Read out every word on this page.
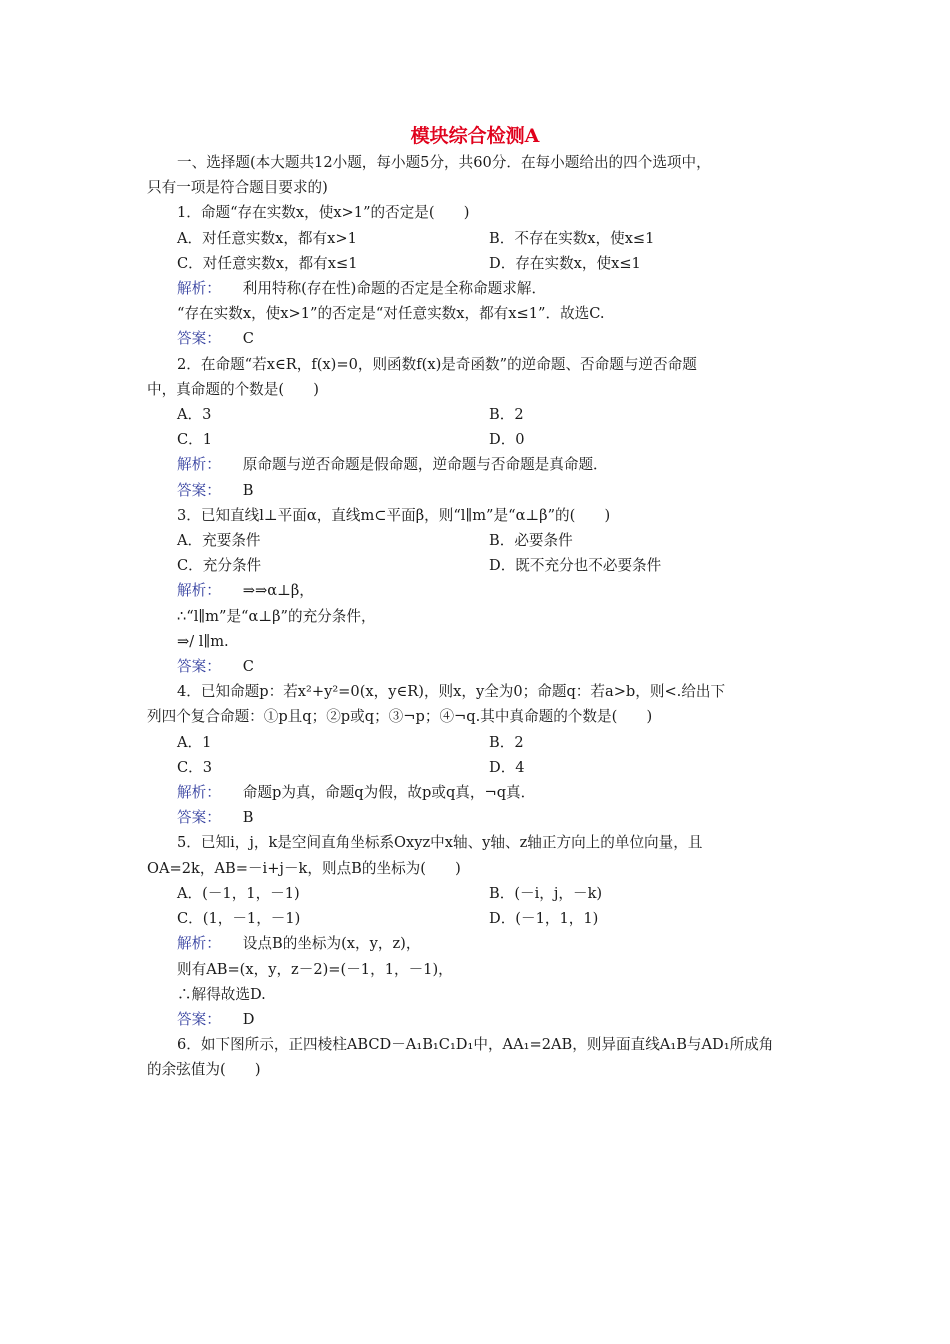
模块综合检测A
一、选择题(本大题共12小题，每小题5分，共60分．在每小题给出的四个选项中，
只有一项是符合题目要求的)
1．命题“存在实数x，使x>1”的否定是(　　)
A．对任意实数x，都有x>1	B．不存在实数x，使x≤1
C．对任意实数x，都有x≤1	D．存在实数x，使x≤1
解析： 利用特称(存在性)命题的否定是全称命题求解．
“存在实数x，使x>1”的否定是“对任意实数x，都有x≤1”．故选C.
答案： C
2．在命题“若x∈R，f(x)=0，则函数f(x)是奇函数”的逆命题、否命题与逆否命题
中，真命题的个数是(　　)
A．3	B．2
C．1	D．0
解析： 原命题与逆否命题是假命题，逆命题与否命题是真命题．
答案： B
3．已知直线l⊥平面α，直线m⊂平面β，则“l∥m”是“α⊥β”的(　　)
A．充要条件	B．必要条件
C．充分条件	D．既不充分也不必要条件
解析： ⇒⇒α⊥β，
∴“l∥m”是“α⊥β”的充分条件，
⇒/ l∥m.
答案： C
4．已知命题p：若x²+y²=0(x，y∈R)，则x，y全为0；命题q：若a>b，则<.给出下
列四个复合命题：①p且q；②p或q；③¬p；④¬q.其中真命题的个数是(　　)
A．1	B．2
C．3	D．4
解析： 命题p为真，命题q为假，故p或q真，¬q真．
答案： B
5．已知i，j，k是空间直角坐标系Oxyz中x轴、y轴、z轴正方向上的单位向量，且
OA=2k，AB=－i+j－k，则点B的坐标为(　　)
A．(－1，1，－1)	B．(－i，j，－k)
C．(1，－1，－1)	D．(－1，1，1)
解析： 设点B的坐标为(x，y，z)，
则有AB=(x，y，z－2)=(－1，1，－1)，
∴解得故选D.
答案： D
6．如下图所示，正四棱柱ABCD－A₁B₁C₁D₁中，AA₁=2AB，则异面直线A₁B与AD₁所成角
的余弦值为(　　)
